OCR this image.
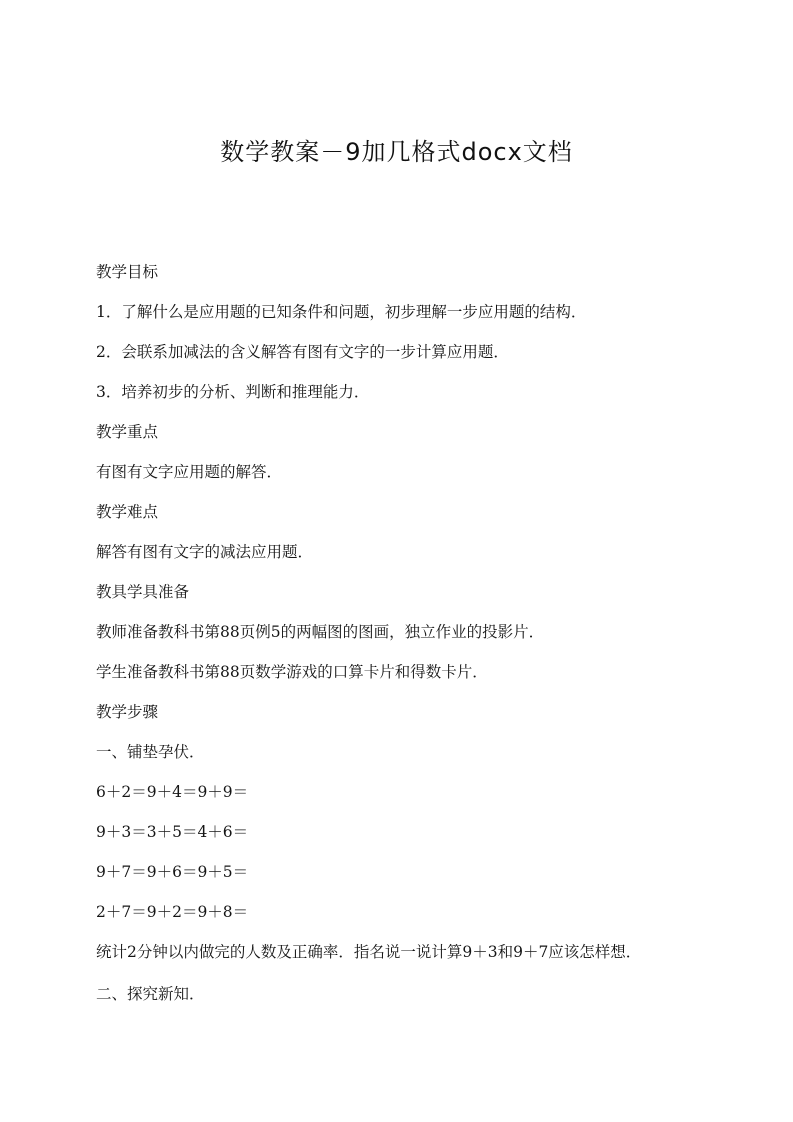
数学教案－9加几格式docx文档

教学目标

1．了解什么是应用题的已知条件和问题，初步理解一步应用题的结构．

2．会联系加减法的含义解答有图有文字的一步计算应用题．

3．培养初步的分析、判断和推理能力．

教学重点

有图有文字应用题的解答．

教学难点

解答有图有文字的减法应用题．

教具学具准备

教师准备教科书第88页例5的两幅图的图画，独立作业的投影片．

学生准备教科书第88页数学游戏的口算卡片和得数卡片．

教学步骤

一、铺垫孕伏．

6＋2＝9＋4＝9＋9＝

9＋3＝3＋5＝4＋6＝

9＋7＝9＋6＝9＋5＝

2＋7＝9＋2＝9＋8＝

统计2分钟以内做完的人数及正确率．指名说一说计算9＋3和9＋7应该怎样想．

二、探究新知．
